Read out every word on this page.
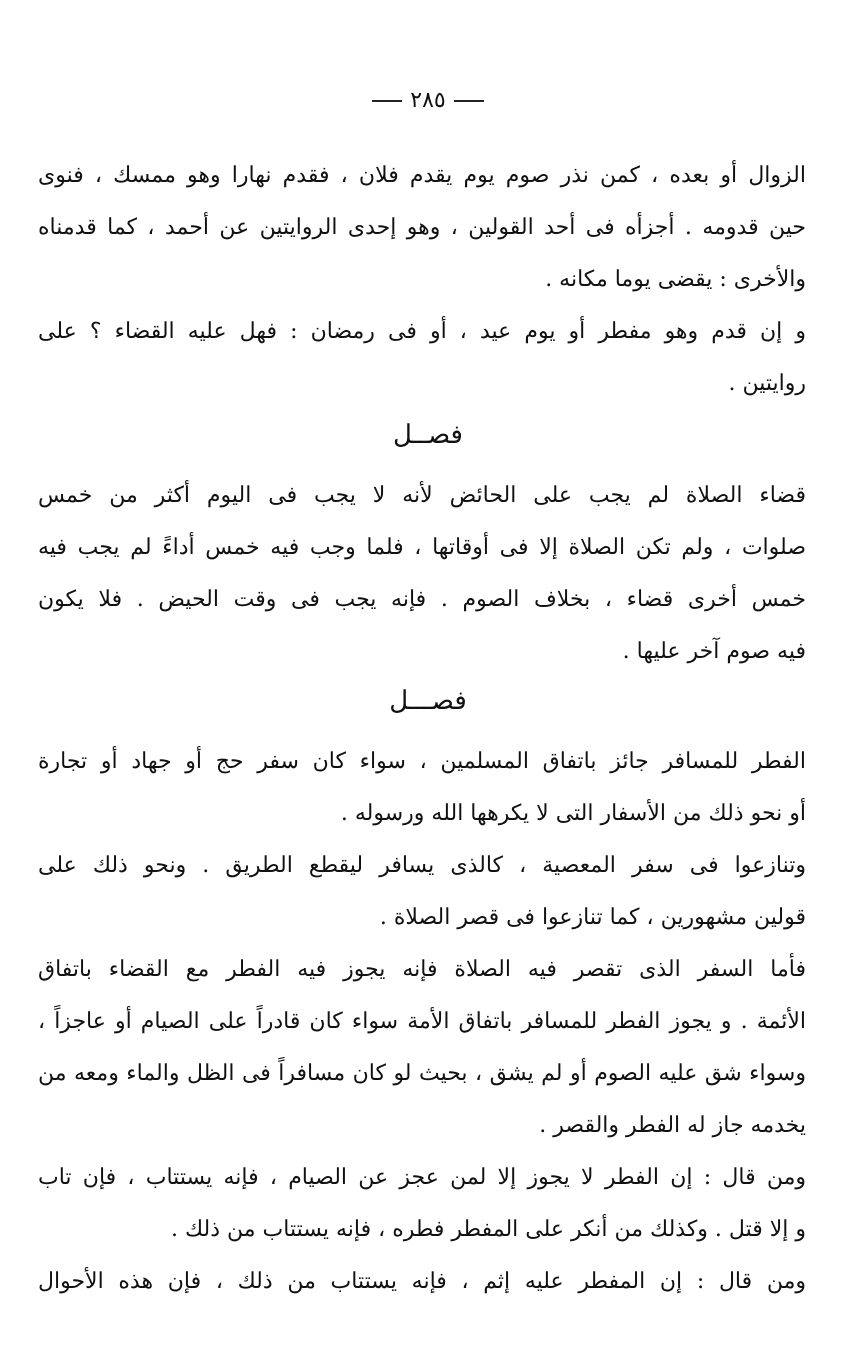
٢٨٥
الزوال أو بعده ، كمن نذر صوم يوم يقدم فلان ، فقدم نهارا وهو ممسك ، فنوى
حين قدومه . أجزأه فى أحد القولين ، وهو إحدى الروايتين عن أحمد ، كما قدمناه
والأخرى : يقضى يوما مكانه .
و إن قدم وهو مفطر أو يوم عيد ، أو فى رمضان : فهل عليه القضاء ؟ على
روايتين .
فصــل
قضاء الصلاة لم يجب على الحائض لأنه لا يجب فى اليوم أكثر من خمس
صلوات ، ولم تكن الصلاة إلا فى أوقاتها ، فلما وجب فيه خمس أداءً لم يجب فيه
خمس أخرى قضاء ، بخلاف الصوم . فإنه يجب فى وقت الحيض . فلا يكون
فيه صوم آخر عليها .
فصـــل
الفطر للمسافر جائز باتفاق المسلمين ، سواء كان سفر حج أو جهاد أو تجارة
أو نحو ذلك من الأسفار التى لا يكرهها الله ورسوله .
وتنازعوا فى سفر المعصية ، كالذى يسافر ليقطع الطريق . ونحو ذلك على
قولين مشهورين ، كما تنازعوا فى قصر الصلاة .
فأما السفر الذى تقصر فيه الصلاة فإنه يجوز فيه الفطر مع القضاء باتفاق
الأئمة . و يجوز الفطر للمسافر باتفاق الأمة سواء كان قادراً على الصيام أو عاجزاً ،
وسواء شق عليه الصوم أو لم يشق ، بحيث لو كان مسافراً فى الظل والماء ومعه من
يخدمه جاز له الفطر والقصر .
ومن قال : إن الفطر لا يجوز إلا لمن عجز عن الصيام ، فإنه يستتاب ، فإن تاب
و إلا قتل . وكذلك من أنكر على المفطر فطره ، فإنه يستتاب من ذلك .
ومن قال : إن المفطر عليه إثم ، فإنه يستتاب من ذلك ، فإن هذه الأحوال
